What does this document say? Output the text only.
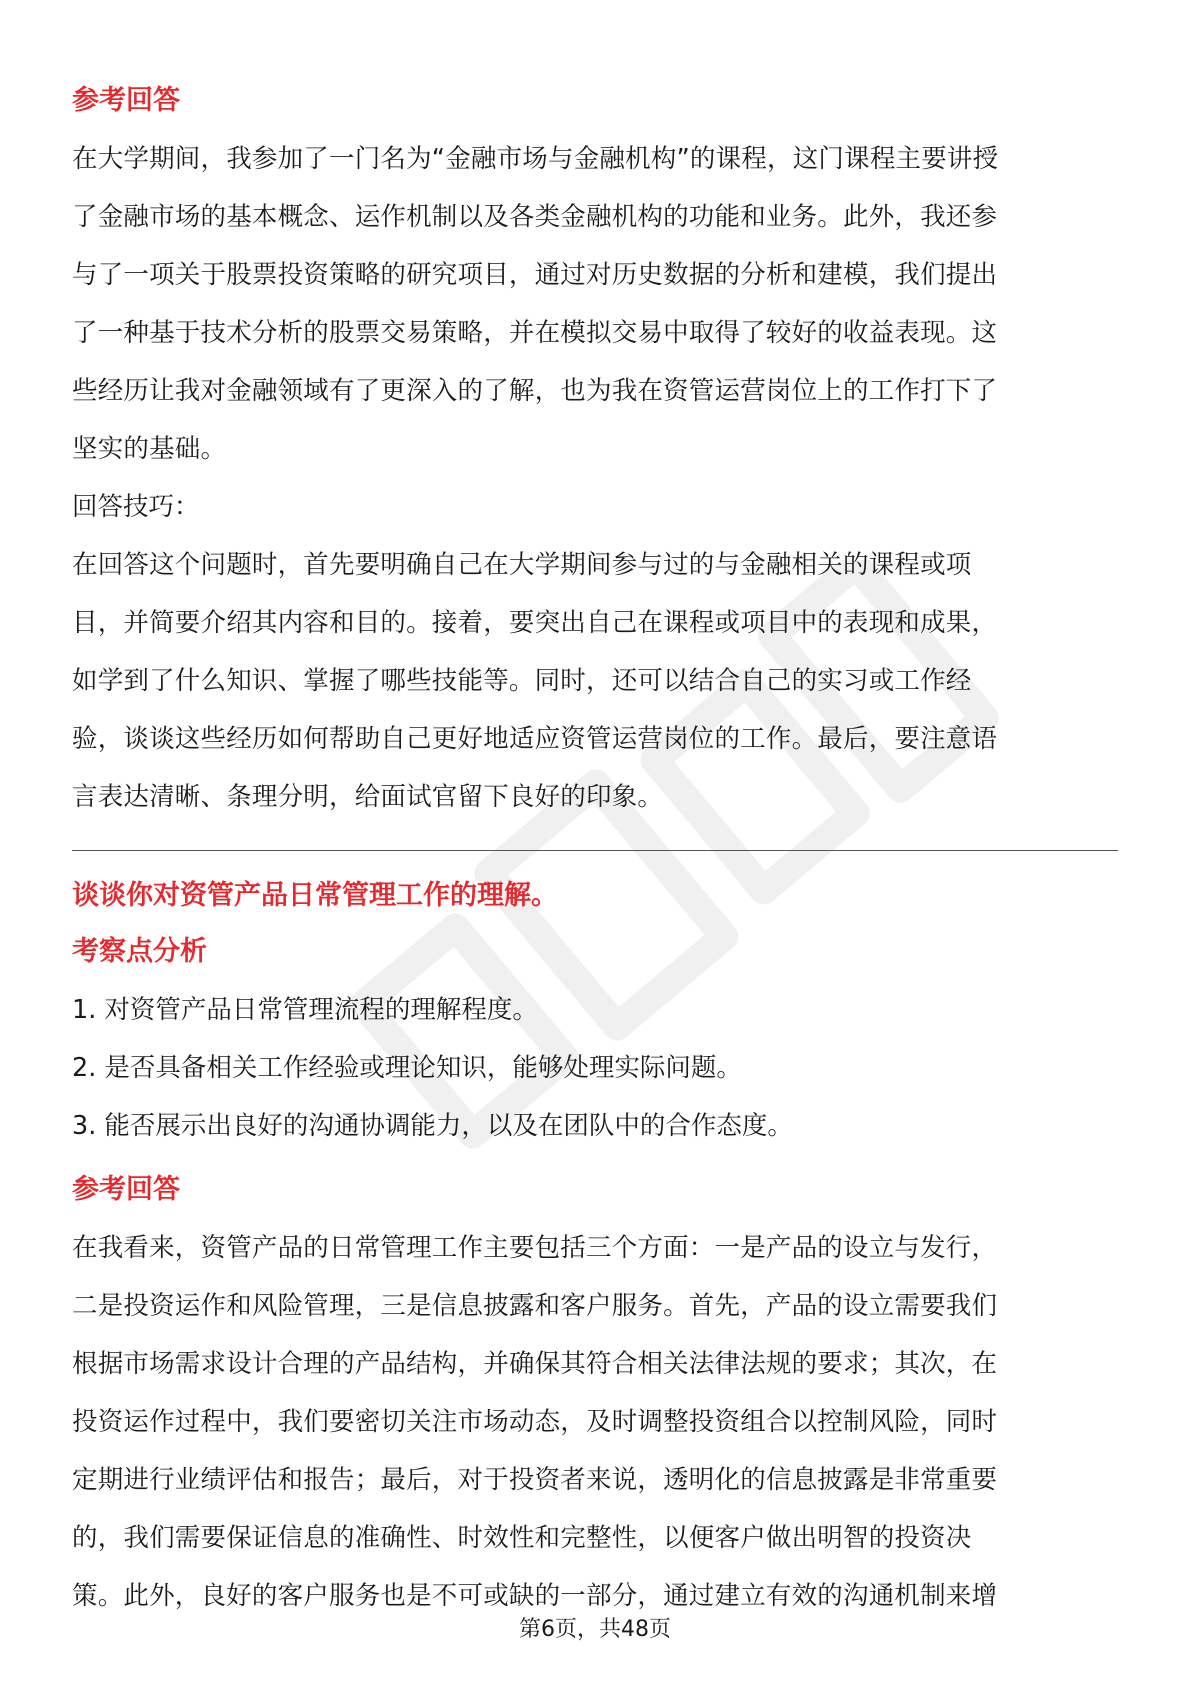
参考回答

在大学期间，我参加了一门名为“金融市场与金融机构”的课程，这门课程主要讲授
了金融市场的基本概念、运作机制以及各类金融机构的功能和业务。此外，我还参
与了一项关于股票投资策略的研究项目，通过对历史数据的分析和建模，我们提出
了一种基于技术分析的股票交易策略，并在模拟交易中取得了较好的收益表现。这
些经历让我对金融领域有了更深入的了解，也为我在资管运营岗位上的工作打下了
坚实的基础。

回答技巧：

在回答这个问题时，首先要明确自己在大学期间参与过的与金融相关的课程或项
目，并简要介绍其内容和目的。接着，要突出自己在课程或项目中的表现和成果，
如学到了什么知识、掌握了哪些技能等。同时，还可以结合自己的实习或工作经
验，谈谈这些经历如何帮助自己更好地适应资管运营岗位的工作。最后，要注意语
言表达清晰、条理分明，给面试官留下良好的印象。

谈谈你对资管产品日常管理工作的理解。
考察点分析

1. 对资管产品日常管理流程的理解程度。

2. 是否具备相关工作经验或理论知识，能够处理实际问题。

3. 能否展示出良好的沟通协调能力，以及在团队中的合作态度。

参考回答

在我看来，资管产品的日常管理工作主要包括三个方面：一是产品的设立与发行，
二是投资运作和风险管理，三是信息披露和客户服务。首先，产品的设立需要我们
根据市场需求设计合理的产品结构，并确保其符合相关法律法规的要求；其次，在
投资运作过程中，我们要密切关注市场动态，及时调整投资组合以控制风险，同时
定期进行业绩评估和报告；最后，对于投资者来说，透明化的信息披露是非常重要
的，我们需要保证信息的准确性、时效性和完整性，以便客户做出明智的投资决
策。此外，良好的客户服务也是不可或缺的一部分，通过建立有效的沟通机制来增

第6页，共48页
